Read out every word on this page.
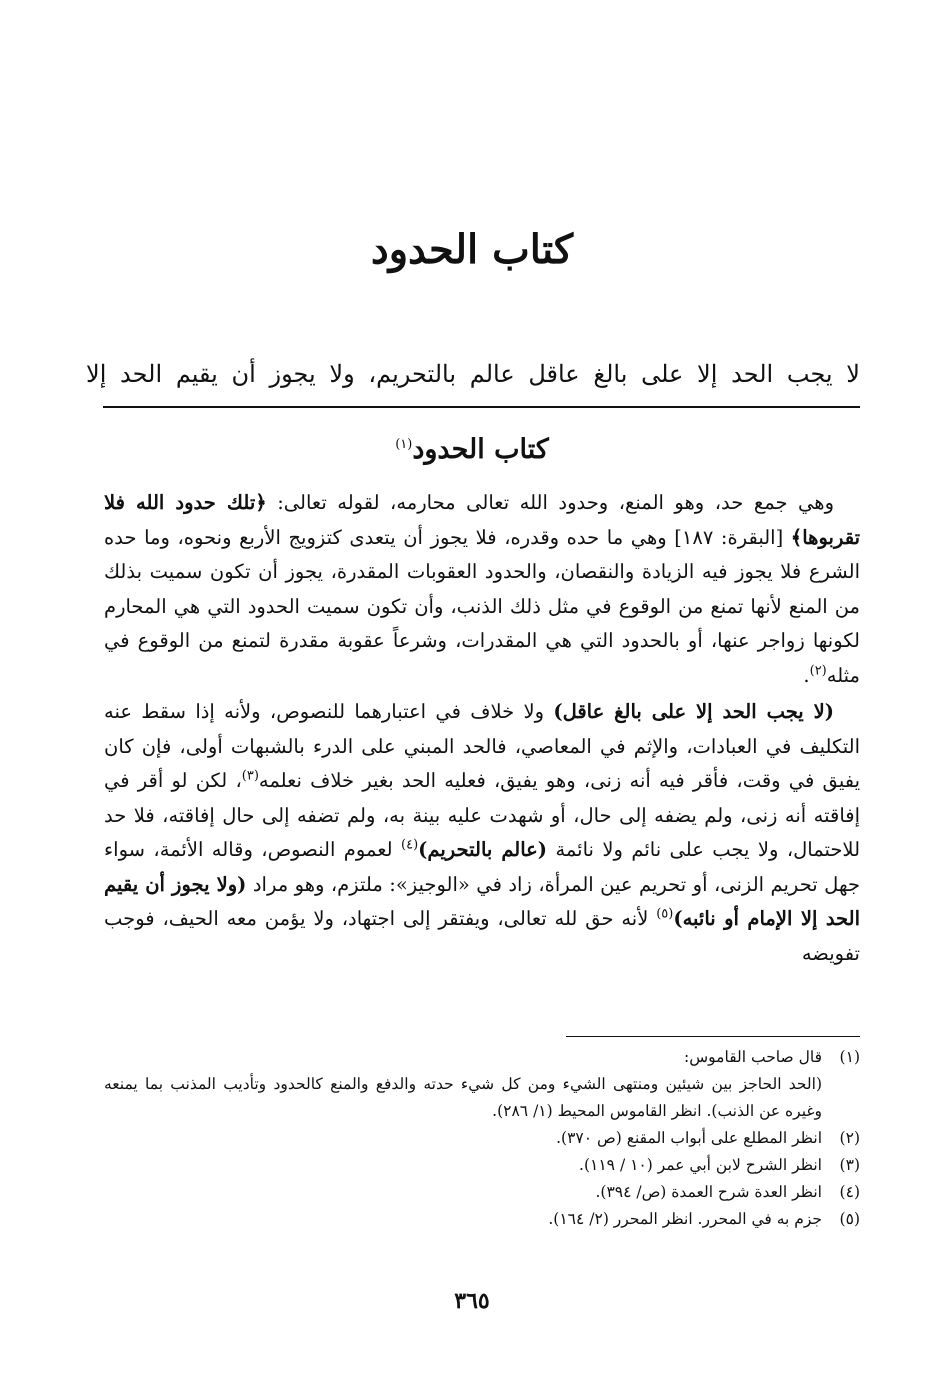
كتاب الحدود
لا يجب الحد إلا على بالغ عاقل عالم بالتحريم، ولا يجوز أن يقيم الحد إلا
كتاب الحدود$^{(١)}$

وهي جمع حد، وهو المنع، وحدود الله تعالى محارمه، لقوله تعالى: ﴿تلك حدود الله فلا تقربوها﴾ [البقرة: ١٨٧] وهي ما حده وقدره، فلا يجوز أن يتعدى كتزويج الأربع ونحوه، وما حده الشرع فلا يجوز فيه الزيادة والنقصان، والحدود العقوبات المقدرة، يجوز أن تكون سميت بذلك من المنع لأنها تمنع من الوقوع في مثل ذلك الذنب، وأن تكون سميت الحدود التي هي المحارم لكونها زواجر عنها، أو بالحدود التي هي المقدرات، وشرعاً عقوبة مقدرة لتمنع من الوقوع في مثله$^{(٢)}$.

(لا يجب الحد إلا على بالغ عاقل) ولا خلاف في اعتبارهما للنصوص، ولأنه إذا سقط عنه التكليف في العبادات، والإثم في المعاصي، فالحد المبني على الدرء بالشبهات أولى، فإن كان يفيق في وقت، فأقر فيه أنه زنى، وهو يفيق، فعليه الحد بغير خلاف نعلمه$^{(٣)}$، لكن لو أقر في إفاقته أنه زنى، ولم يضفه إلى حال، أو شهدت عليه بينة به، ولم تضفه إلى حال إفاقته، فلا حد للاحتمال، ولا يجب على نائم ولا نائمة (عالم بالتحريم)$^{(٤)}$ لعموم النصوص، وقاله الأئمة، سواء جهل تحريم الزنى، أو تحريم عين المرأة، زاد في «الوجيز»: ملتزم، وهو مراد (ولا يجوز أن يقيم الحد إلا الإمام أو نائبه)$^{(٥)}$ لأنه حق لله تعالى، ويفتقر إلى اجتهاد، ولا يؤمن معه الحيف، فوجب تفويضه

(١)
قال صاحب القاموس:
(الحد الحاجز بين شيئين ومنتهى الشيء ومن كل شيء حدته والدفع والمنع كالحدود وتأديب المذنب بما يمنعه وغيره عن الذنب). انظر القاموس المحيط (١/ ٢٨٦).
(٢)
انظر المطلع على أبواب المقنع (ص ٣٧٠).
(٣)
انظر الشرح لابن أبي عمر (١٠ / ١١٩).
(٤)
انظر العدة شرح العمدة (ص/ ٣٩٤).
(٥)
جزم به في المحرر. انظر المحرر (٢/ ١٦٤).
٣٦٥
